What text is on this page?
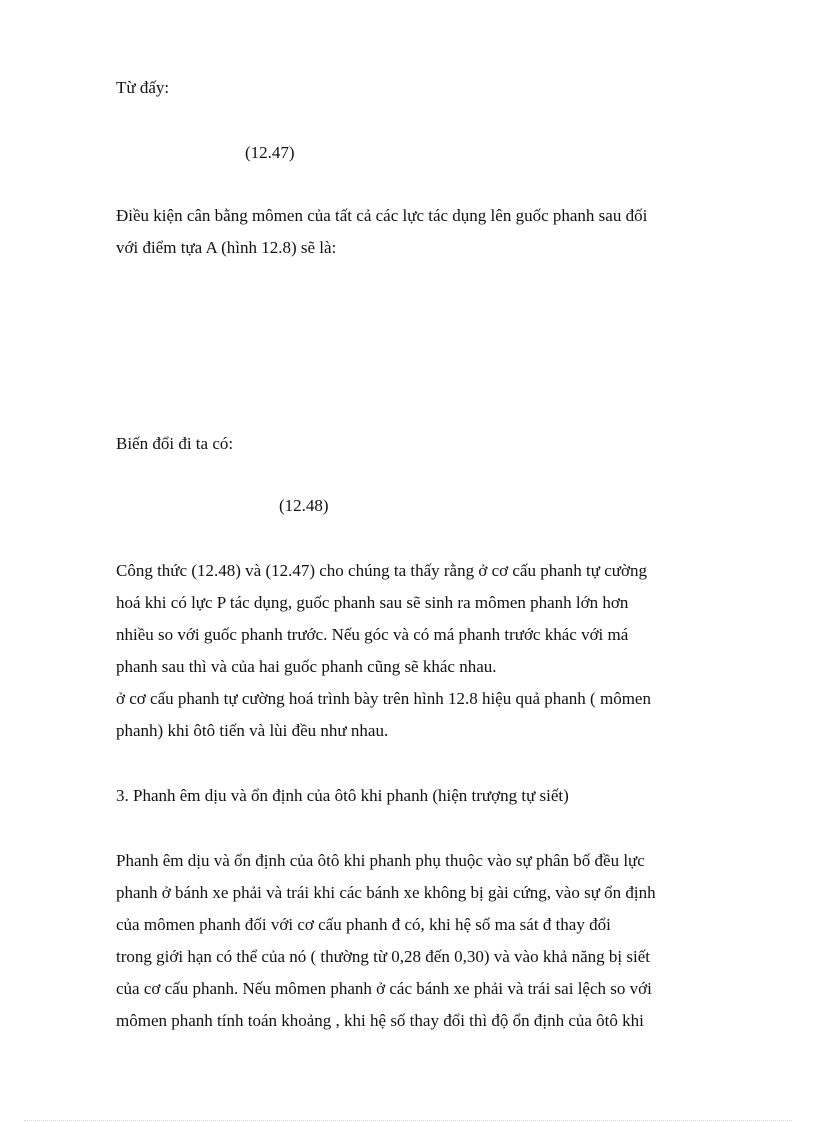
Từ đấy:
(12.47)
Điều kiện cân bằng mômen của tất cả các lực tác dụng lên guốc phanh sau đối
với điểm tựa A (hình 12.8) sẽ là:
Biến đổi đi ta có:
(12.48)
Công thức (12.48) và (12.47) cho chúng ta thấy rằng ở cơ cấu phanh tự cường
hoá khi có lực P tác dụng, guốc phanh sau sẽ sinh ra mômen phanh lớn hơn
nhiều so với guốc phanh trước. Nếu góc và có má phanh trước khác với má
phanh sau thì và của hai guốc phanh cũng sẽ khác nhau.
ở cơ cấu phanh tự cường hoá trình bày trên hình 12.8 hiệu quả phanh ( mômen
phanh) khi ôtô tiến và lùi đều như nhau.
3. Phanh êm dịu và ổn định của ôtô khi phanh (hiện trượng tự siết)
Phanh êm dịu và ổn định của ôtô khi phanh phụ thuộc vào sự phân bố đều lực
phanh ở bánh xe phải và trái khi các bánh xe không bị gài cứng, vào sự ổn định
của mômen phanh đối với cơ cấu phanh đ có, khi hệ số ma sát đ thay đổi
trong giới hạn có thể của nó ( thường từ 0,28 đến 0,30) và vào khả năng bị siết
của cơ cấu phanh. Nếu mômen phanh ở các bánh xe phải và trái sai lệch so với
mômen phanh tính toán khoảng , khi hệ số thay đổi thì độ ổn định của ôtô khi
